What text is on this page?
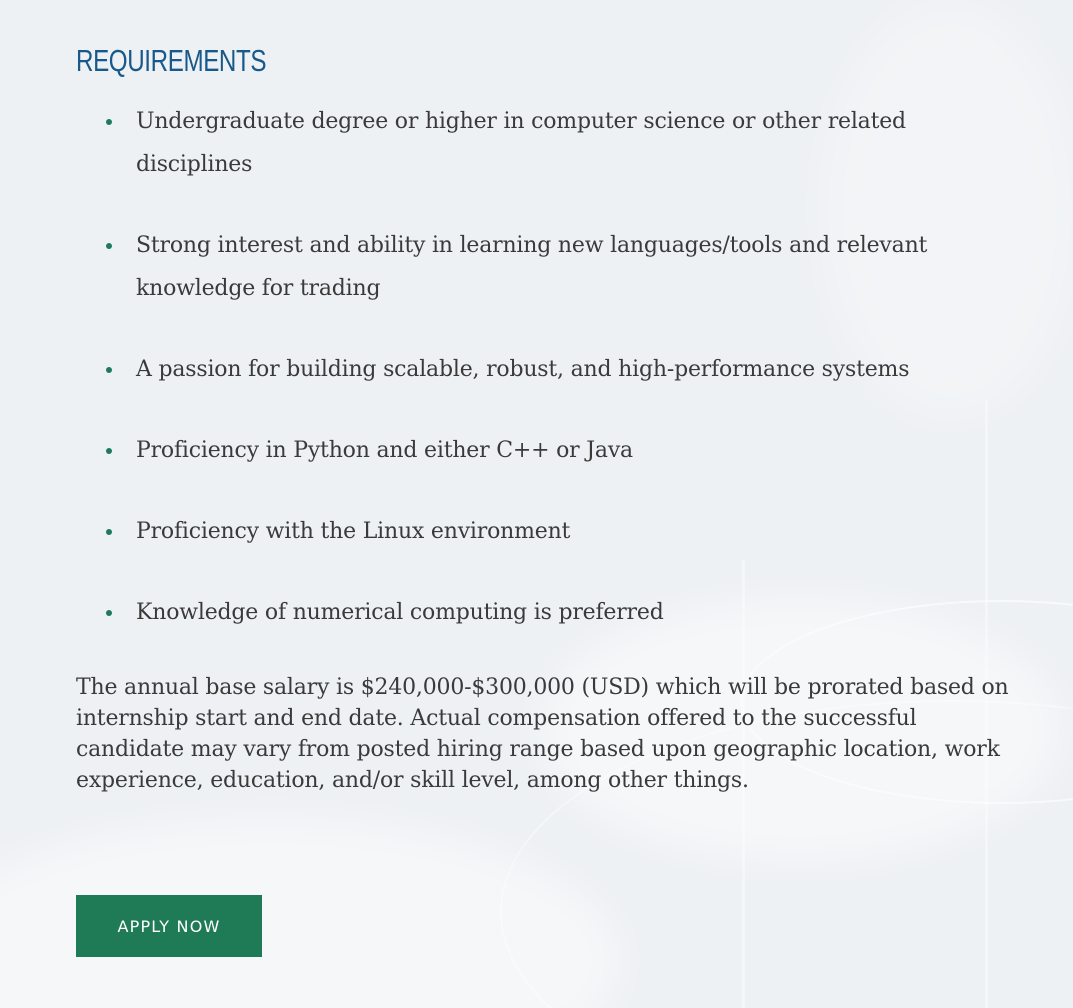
REQUIREMENTS
Undergraduate degree or higher in computer science or other related disciplines
Strong interest and ability in learning new languages/tools and relevant knowledge for trading
A passion for building scalable, robust, and high-performance systems
Proficiency in Python and either C++ or Java
Proficiency with the Linux environment
Knowledge of numerical computing is preferred

The annual base salary is $240,000-$300,000 (USD) which will be prorated based on internship start and end date. Actual compensation offered to the successful candidate may vary from posted hiring range based upon geographic location, work experience, education, and/or skill level, among other things.

APPLY NOW
